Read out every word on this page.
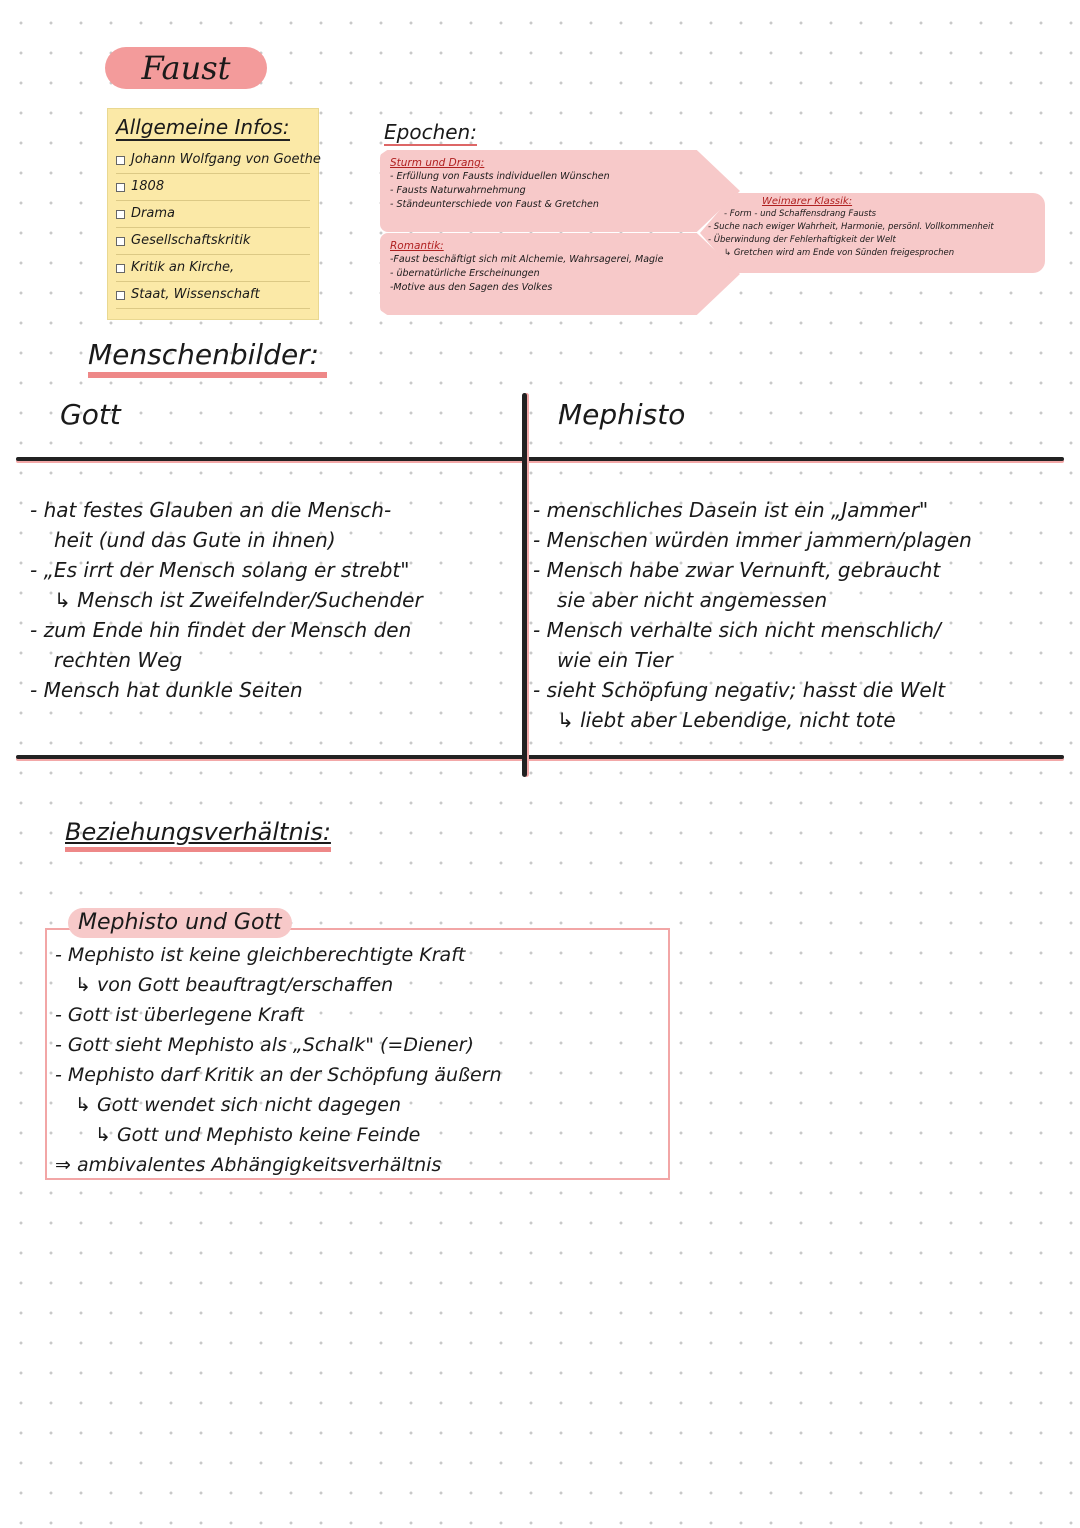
Faust
Allgemeine Infos:
Johann Wolfgang von Goethe
1808
Drama
Gesellschaftskritik
Kritik an Kirche,
Staat, Wissenschaft
Epochen:
Sturm und Drang:
- Erfüllung von Fausts individuellen Wünschen
- Fausts Naturwahrnehmung
- Ständeunterschiede von Faust & Gretchen
Romantik:
-Faust beschäftigt sich mit Alchemie, Wahrsagerei, Magie
- übernatürliche Erscheinungen
-Motive aus den Sagen des Volkes
Weimarer Klassik:
- Form - und Schaffensdrang Fausts
- Suche nach ewiger Wahrheit, Harmonie, persönl. Vollkommenheit
- Überwindung der Fehlerhaftigkeit der Welt
↳ Gretchen wird am Ende von Sünden freigesprochen
Menschenbilder:
Gott	Mephisto
- hat festes Glauben an die Mensch-
heit (und das Gute in ihnen)
- „Es irrt der Mensch solang er strebt"
↳ Mensch ist Zweifelnder/Suchender
- zum Ende hin findet der Mensch den
rechten Weg
- Mensch hat dunkle Seiten
- menschliches Dasein ist ein „Jammer"
- Menschen würden immer jammern/plagen
- Mensch habe zwar Vernunft, gebraucht
sie aber nicht angemessen
- Mensch verhalte sich nicht menschlich/
wie ein Tier
- sieht Schöpfung negativ; hasst die Welt
↳ liebt aber Lebendige, nicht tote
Beziehungsverhältnis:
Mephisto und Gott
- Mephisto ist keine gleichberechtigte Kraft
↳ von Gott beauftragt/erschaffen
- Gott ist überlegene Kraft
- Gott sieht Mephisto als „Schalk" (=Diener)
- Mephisto darf Kritik an der Schöpfung äußern
↳ Gott wendet sich nicht dagegen
↳ Gott und Mephisto keine Feinde
⇒ ambivalentes Abhängigkeitsverhältnis
